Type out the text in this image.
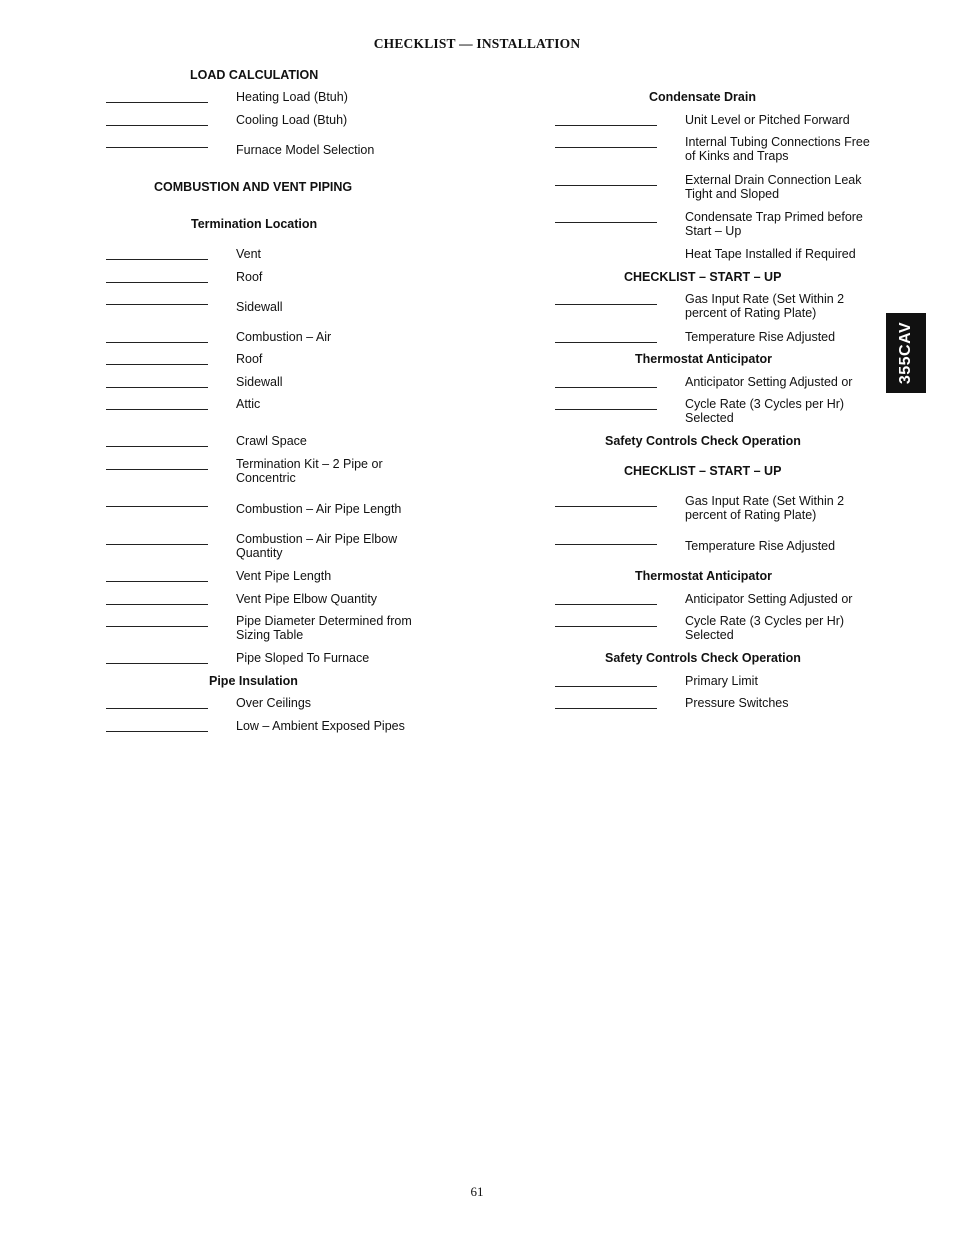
CHECKLIST — INSTALLATION
355CAV
LOAD CALCULATION
Heating Load (Btuh)
Cooling Load (Btuh)
Furnace Model Selection
COMBUSTION AND VENT PIPING
Termination Location
Vent
Roof
Sidewall
Combustion – Air
Roof
Sidewall
Attic
Crawl Space
Termination Kit – 2 Pipe or Concentric
Combustion – Air Pipe Length
Combustion – Air Pipe Elbow Quantity
Vent Pipe Length
Vent Pipe Elbow Quantity
Pipe Diameter Determined from Sizing Table
Pipe Sloped To Furnace
Pipe Insulation
Over Ceilings
Low – Ambient Exposed Pipes
Condensate Drain
Unit Level or Pitched Forward
Internal Tubing Connections Free of Kinks and Traps
External Drain Connection Leak Tight and Sloped
Condensate Trap Primed before Start – Up
Heat Tape Installed if Required
CHECKLIST – START – UP
Gas Input Rate (Set Within 2 percent of Rating Plate)
Temperature Rise Adjusted
Thermostat Anticipator
Anticipator Setting Adjusted or
Cycle Rate (3 Cycles per Hr) Selected
Safety Controls Check Operation
CHECKLIST – START – UP
Gas Input Rate (Set Within 2 percent of Rating Plate)
Temperature Rise Adjusted
Thermostat Anticipator
Anticipator Setting Adjusted or
Cycle Rate (3 Cycles per Hr) Selected
Safety Controls Check Operation
Primary Limit
Pressure Switches
61
